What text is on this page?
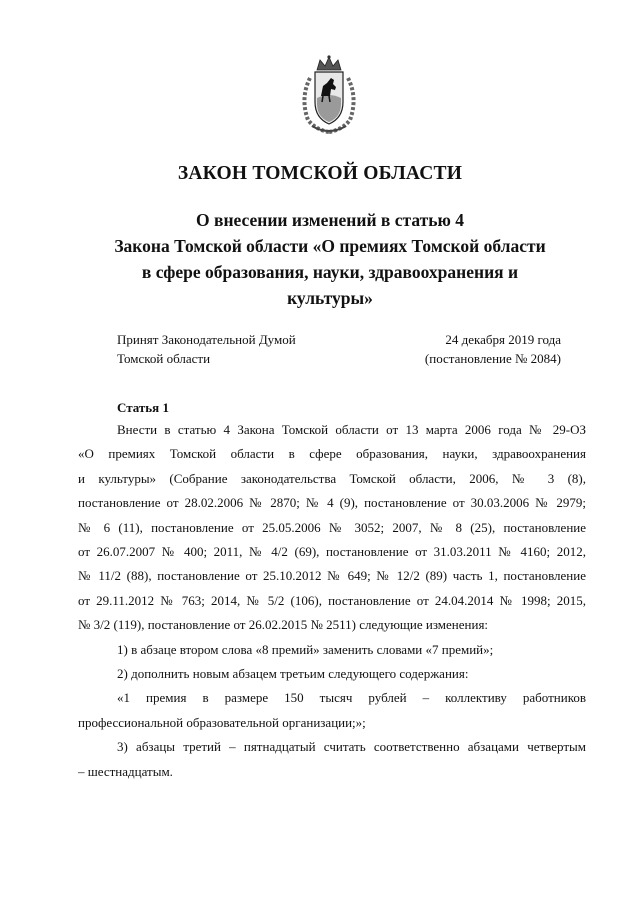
ЗАКОН ТОМСКОЙ ОБЛАСТИ
О внесении изменений в статью 4
Закона Томской области «О премиях Томской области
в сфере образования, науки, здравоохранения и
культуры»
Принят Законодательной Думой
Томской области
24 декабря 2019 года
(постановление № 2084)
Статья 1
Внести в статью 4 Закона Томской области от 13 марта 2006 года № 29-ОЗ
«О премиях Томской области в сфере образования, науки, здравоохранения
и культуры» (Собрание законодательства Томской области, 2006, № 3 (8),
постановление от 28.02.2006 № 2870; № 4 (9), постановление от 30.03.2006 № 2979;
№ 6 (11), постановление от 25.05.2006 № 3052; 2007, № 8 (25), постановление
от 26.07.2007 № 400; 2011, № 4/2 (69), постановление от 31.03.2011 № 4160; 2012,
№ 11/2 (88), постановление от 25.10.2012 № 649; № 12/2 (89) часть 1, постановление
от 29.11.2012 № 763; 2014, № 5/2 (106), постановление от 24.04.2014 № 1998; 2015,
№ 3/2 (119), постановление от 26.02.2015 № 2511) следующие изменения:
1) в абзаце втором слова «8 премий» заменить словами «7 премий»;
2) дополнить новым абзацем третьим следующего содержания:
«1 премия в размере 150 тысяч рублей – коллективу работников
профессиональной образовательной организации;»;
3) абзацы третий – пятнадцатый считать соответственно абзацами четвертым
– шестнадцатым.
